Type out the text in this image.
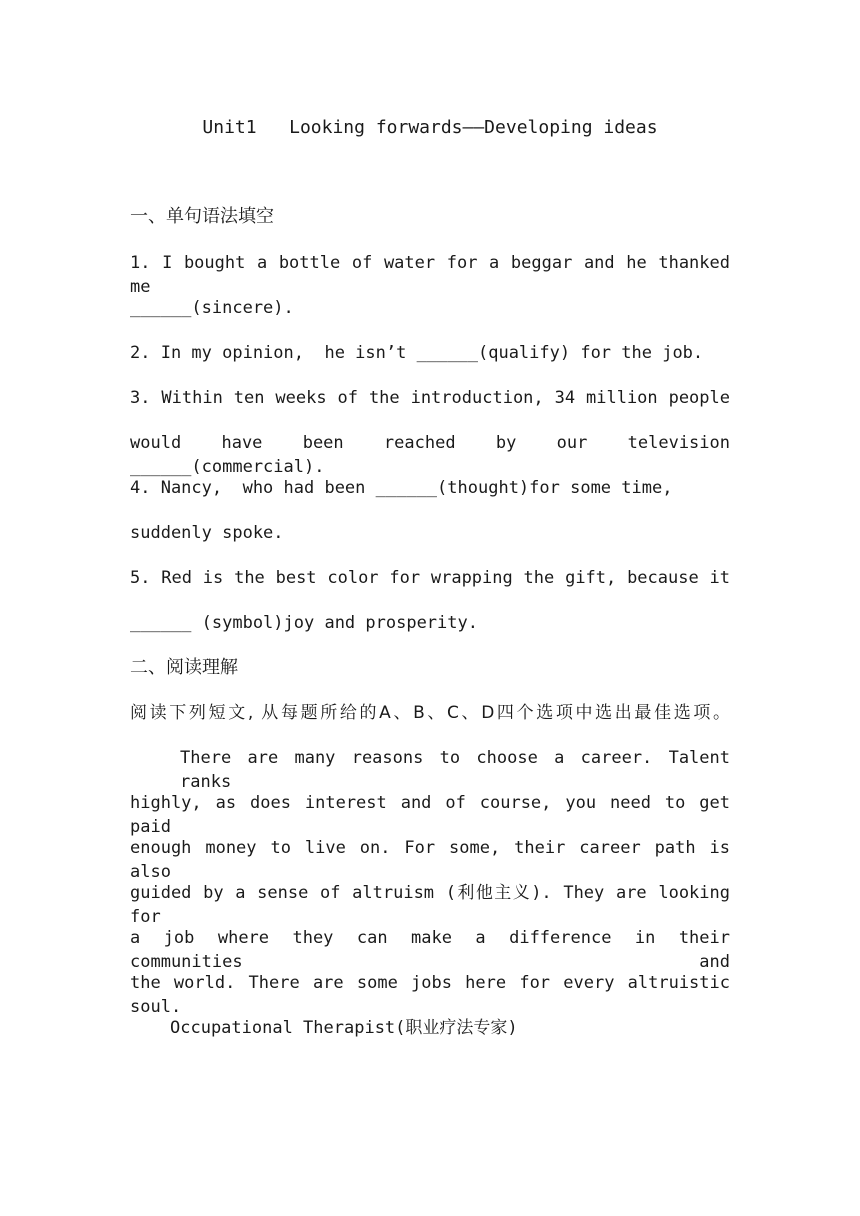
Unit1   Looking forwards——Developing ideas
一、单句语法填空
1. I bought a bottle of water for a beggar and he thanked me
______(sincere).
2. In my opinion,  he isn’t ______(qualify) for the job.
3. Within ten weeks of the introduction, 34 million people
would have been reached by our television ______(commercial).
4. Nancy,  who had been ______(thought)for some time,
suddenly spoke.
5. Red is the best color for wrapping the gift, because it
______ (symbol)joy and prosperity.
二、阅读理解
阅读下列短文, 从每题所给的A、B、C、D四个选项中选出最佳选项。
There are many reasons to choose a career. Talent ranks
highly, as does interest and of course, you need to get paid
enough money to live on. For some, their career path is also
guided by a sense of altruism (利他主义). They are looking for
a job where they can make a difference in their communities and
the world. There are some jobs here for every altruistic soul.
Occupational Therapist(职业疗法专家)
